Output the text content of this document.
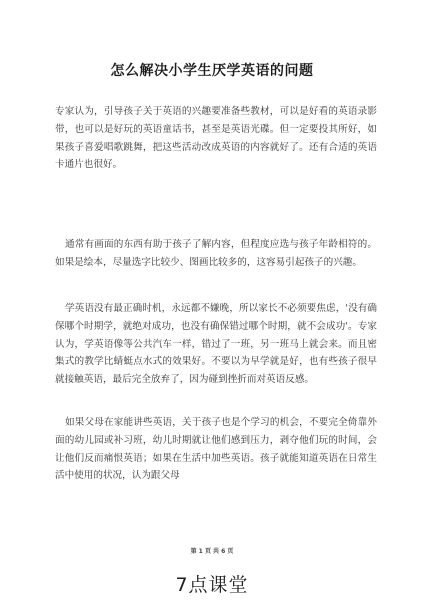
怎么解决小学生厌学英语的问题

专家认为，引导孩子关于英语的兴趣要准备些教材，可以是好看的英语录影带，也可以是好玩的英语童话书，甚至是英语光碟。但一定要投其所好，如果孩子喜爱唱歌跳舞，把这些活动改成英语的内容就好了。还有合适的英语卡通片也很好。

通常有画面的东西有助于孩子了解内容，但程度应选与孩子年龄相符的。如果是绘本，尽量选字比较少、图画比较多的，这容易引起孩子的兴趣。

学英语没有最正确时机，永远都不嫌晚，所以家长不必须要焦虑，'没有确保哪个时期学，就绝对成功，也没有确保错过哪个时期，就不会成功'。专家认为，学英语像等公共汽车一样，错过了一班，另一班马上就会来。而且密集式的教学比蜻蜓点水式的效果好。不要以为早学就是好，也有些孩子很早就接触英语，最后完全放弃了，因为碰到挫折而对英语反感。

如果父母在家能讲些英语，关于孩子也是个学习的机会，不要完全倚靠外面的幼儿园或补习班，幼儿时期就让他们感到压力，剥夺他们玩的时间，会让他们反而痛恨英语；如果在生活中加些英语。孩子就能知道英语在日常生活中使用的状况，认为跟父母

第 1 页 共 6 页
7点课堂
